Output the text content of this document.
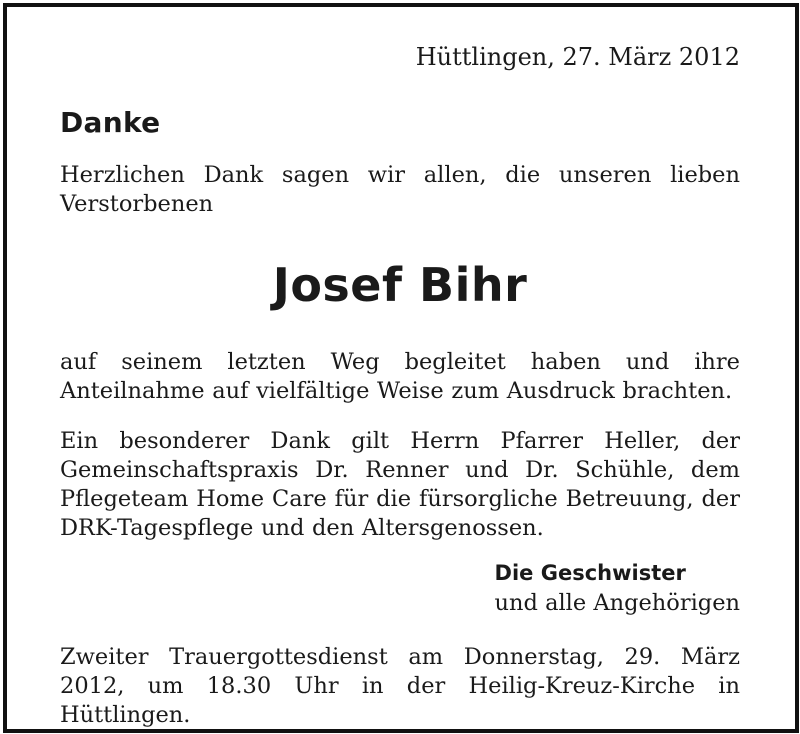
Hüttlingen, 27. März 2012
Danke
Herzlichen Dank sagen wir allen, die unseren lieben
Verstorbenen
Josef Bihr
auf seinem letzten Weg begleitet haben und ihre Anteilnahme auf vielfältige Weise zum Ausdruck brachten.
Ein besonderer Dank gilt Herrn Pfarrer Heller, der Gemeinschaftspraxis Dr. Renner und Dr. Schühle, dem Pflegeteam Home Care für die fürsorgliche Betreuung, der DRK-Tagespflege und den Altersgenossen.
Die Geschwister
und alle Angehörigen
Zweiter Trauergottesdienst am Donnerstag, 29. März 2012, um 18.30 Uhr in der Heilig-Kreuz-Kirche in Hüttlingen.
